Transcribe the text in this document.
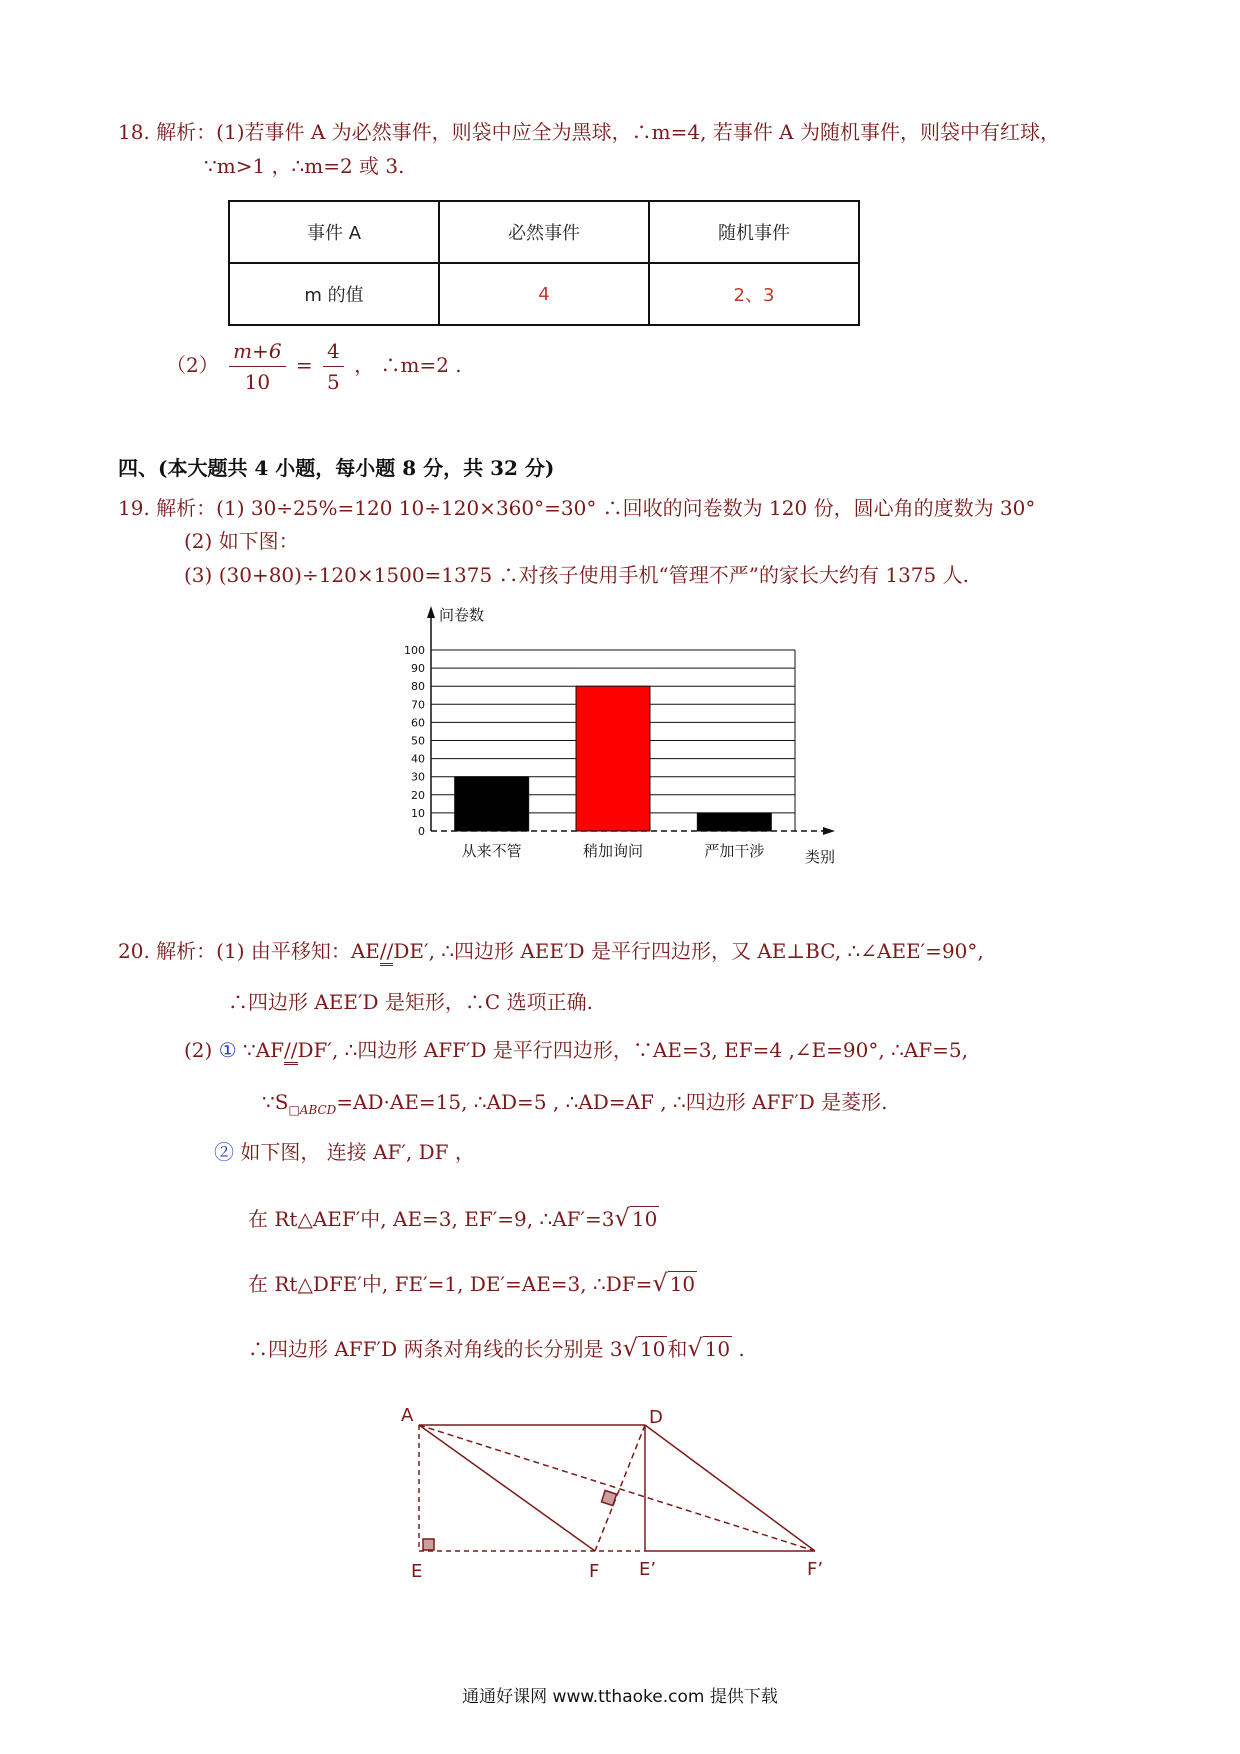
18. 解析：(1)若事件 A 为必然事件，则袋中应全为黑球，∴m=4, 若事件 A 为随机事件，则袋中有红球，
∵m>1 ，∴m=2 或 3.
事件 A	必然事件	随机事件
m 的值	4	2、3
$(2) \frac{m+6}{10} = \frac{4}{5}$ ， ∴m=2 .
四、(本大题共 4 小题，每小题 8 分，共 32 分)
19. 解析：(1) 30÷25%=120 10÷120×360°=30° ∴回收的问卷数为 120 份，圆心角的度数为 30°
(2) 如下图：
(3) (30+80)÷120×1500=1375 ∴对孩子使用手机“管理不严”的家长大约有 1375 人.
问卷数
类别
0
10
20
30
40
50
60
70
80
90
100
从来不管	稍加询问	严加干涉
20. 解析：(1) 由平移知：AE//DE′, ∴四边形 AEE′D 是平行四边形，又 AE⊥BC, ∴∠AEE′=90°,
∴四边形 AEE′D 是矩形，∴C 选项正确.
(2) ① ∵AF//DF′, ∴四边形 AFF′D 是平行四边形，∵AE=3, EF=4 ,∠E=90°, ∴AF=5,
$\because S_{□ABCD}=AD\cdot AE=15$, ∴AD=5 , ∴AD=AF , ∴四边形 AFF′D 是菱形.
② 如下图， 连接 AF′, DF ，
在 Rt△AEF′中, AE=3, EF′=9, ∴AF′=3√ 10
在 Rt△DFE′中, FE′=1, DE′=AE=3, ∴DF=√ 10
∴四边形 AFF′D 两条对角线的长分别是 3√ 10 和√ 10 .
A	D
E	F E’	F’
通通好课网 www.tthaoke.com 提供下载
